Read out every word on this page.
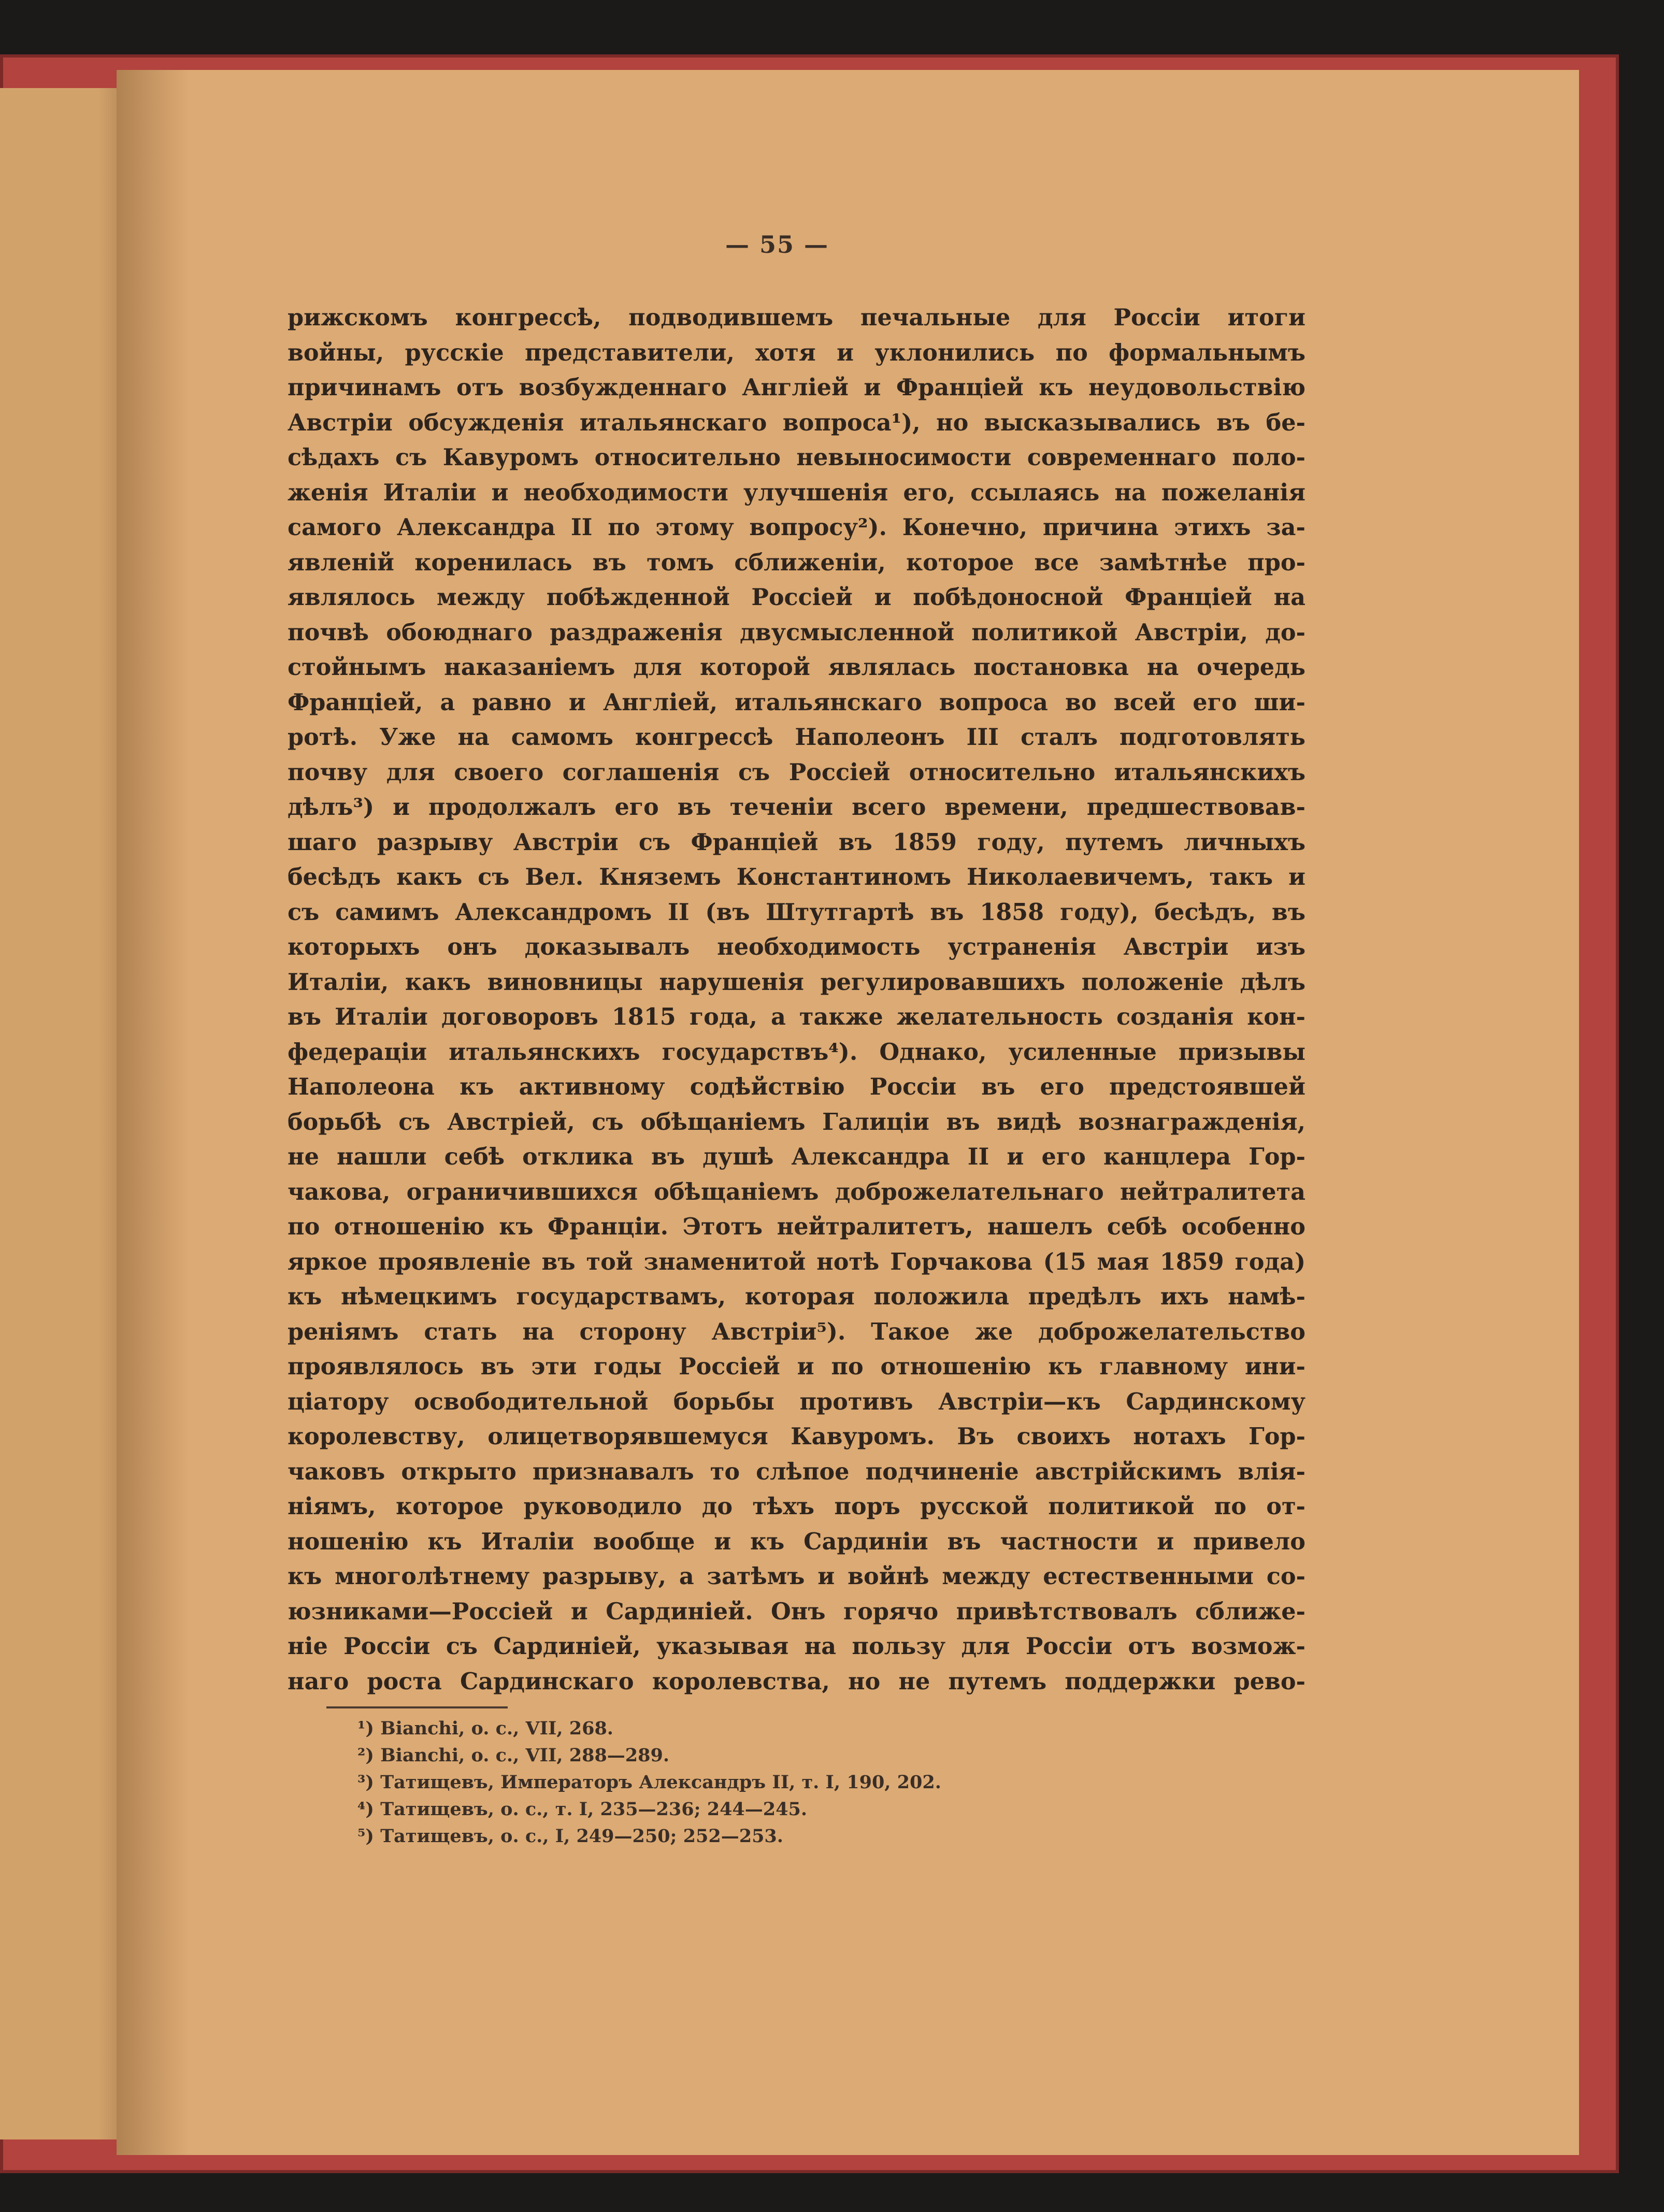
— 55 —
рижскомъ конгрессѣ, подводившемъ печальные для Россіи итоги
войны, русскіе представители, хотя и уклонились по формальнымъ
причинамъ отъ возбужденнаго Англіей и Франціей къ неудовольствію
Австріи обсужденія итальянскаго вопроса¹), но высказывались въ бе-
сѣдахъ съ Кавуромъ относительно невыносимости современнаго поло-
женія Италіи и необходимости улучшенія его, ссылаясь на пожеланія
самого Александра II по этому вопросу²). Конечно, причина этихъ за-
явленій коренилась въ томъ сближеніи, которое все замѣтнѣе про-
являлось между побѣжденной Россіей и побѣдоносной Франціей на
почвѣ обоюднаго раздраженія двусмысленной политикой Австріи, до-
стойнымъ наказаніемъ для которой являлась постановка на очередь
Франціей, а равно и Англіей, итальянскаго вопроса во всей его ши-
ротѣ. Уже на самомъ конгрессѣ Наполеонъ III сталъ подготовлять
почву для своего соглашенія съ Россіей относительно итальянскихъ
дѣлъ³) и продолжалъ его въ теченіи всего времени, предшествовав-
шаго разрыву Австріи съ Франціей въ 1859 году, путемъ личныхъ
бесѣдъ какъ съ Вел. Княземъ Константиномъ Николаевичемъ, такъ и
съ самимъ Александромъ II (въ Штутгартѣ въ 1858 году), бесѣдъ, въ
которыхъ онъ доказывалъ необходимость устраненія Австріи изъ
Италіи, какъ виновницы нарушенія регулировавшихъ положеніе дѣлъ
въ Италіи договоровъ 1815 года, а также желательность созданія кон-
федераціи итальянскихъ государствъ⁴). Однако, усиленные призывы
Наполеона къ активному содѣйствію Россіи въ его предстоявшей
борьбѣ съ Австріей, съ обѣщаніемъ Галиціи въ видѣ вознагражденія,
не нашли себѣ отклика въ душѣ Александра II и его канцлера Гор-
чакова, ограничившихся обѣщаніемъ доброжелательнаго нейтралитета
по отношенію къ Франціи. Этотъ нейтралитетъ, нашелъ себѣ особенно
яркое проявленіе въ той знаменитой нотѣ Горчакова (15 мая 1859 года)
къ нѣмецкимъ государствамъ, которая положила предѣлъ ихъ намѣ-
реніямъ стать на сторону Австріи⁵). Такое же доброжелательство
проявлялось въ эти годы Россіей и по отношенію къ главному ини-
ціатору освободительной борьбы противъ Австріи—къ Сардинскому
королевству, олицетворявшемуся Кавуромъ. Въ своихъ нотахъ Гор-
чаковъ открыто признавалъ то слѣпое подчиненіе австрійскимъ влія-
ніямъ, которое руководило до тѣхъ поръ русской политикой по от-
ношенію къ Италіи вообще и къ Сардиніи въ частности и привело
къ многолѣтнему разрыву, а затѣмъ и войнѣ между естественными со-
юзниками—Россіей и Сардиніей. Онъ горячо привѣтствовалъ сближе-
ніе Россіи съ Сардиніей, указывая на пользу для Россіи отъ возмож-
наго роста Сардинскаго королевства, но не путемъ поддержки рево-
¹) Bianchi, o. c., VII, 268.
²) Bianchi, o. c., VII, 288—289.
³) Татищевъ, Императоръ Александръ II, т. I, 190, 202.
⁴) Татищевъ, о. с., т. I, 235—236; 244—245.
⁵) Татищевъ, о. с., I, 249—250; 252—253.
